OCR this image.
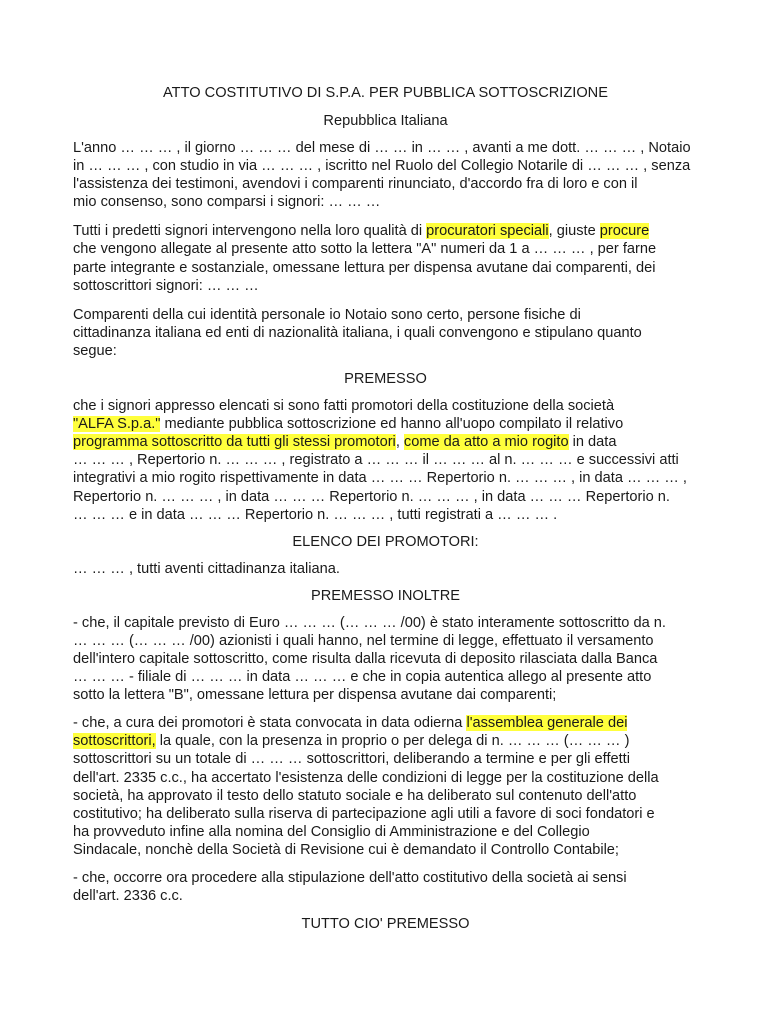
ATTO COSTITUTIVO DI S.P.A. PER PUBBLICA SOTTOSCRIZIONE
Repubblica Italiana
L'anno … … … , il giorno … … … del mese di … … in … … , avanti a me dott. … … … , Notaio
in … … … , con studio in via … … … , iscritto nel Ruolo del Collegio Notarile di … … … , senza
l'assistenza dei testimoni, avendovi i comparenti rinunciato, d'accordo fra di loro e con il
mio consenso, sono comparsi i signori: … … …
Tutti i predetti signori intervengono nella loro qualità di procuratori speciali, giuste procure
che vengono allegate al presente atto sotto la lettera "A" numeri da 1 a … … … , per farne
parte integrante e sostanziale, omessane lettura per dispensa avutane dai comparenti, dei
sottoscrittori signori: … … …
Comparenti della cui identità personale io Notaio sono certo, persone fisiche di
cittadinanza italiana ed enti di nazionalità italiana, i quali convengono e stipulano quanto
segue:
PREMESSO
che i signori appresso elencati si sono fatti promotori della costituzione della società
"ALFA S.p.a." mediante pubblica sottoscrizione ed hanno all'uopo compilato il relativo
programma sottoscritto da tutti gli stessi promotori, come da atto a mio rogito in data
… … … , Repertorio n. … … … , registrato a … … … il … … … al n. … … … e successivi atti
integrativi a mio rogito rispettivamente in data … … … Repertorio n. … … … , in data … … … ,
Repertorio n. … … … , in data … … … Repertorio n. … … … , in data … … … Repertorio n.
… … … e in data … … … Repertorio n. … … … , tutti registrati a … … … .
ELENCO DEI PROMOTORI:
… … … , tutti aventi cittadinanza italiana.
PREMESSO INOLTRE
- che, il capitale previsto di Euro … … … (… … … /00) è stato interamente sottoscritto da n.
… … … (… … … /00) azionisti i quali hanno, nel termine di legge, effettuato il versamento
dell'intero capitale sottoscritto, come risulta dalla ricevuta di deposito rilasciata dalla Banca
… … … - filiale di … … … in data … … … e che in copia autentica allego al presente atto
sotto la lettera "B", omessane lettura per dispensa avutane dai comparenti;
- che, a cura dei promotori è stata convocata in data odierna l'assemblea generale dei
sottoscrittori, la quale, con la presenza in proprio o per delega di n. … … … (… … … )
sottoscrittori su un totale di … … … sottoscrittori, deliberando a termine e per gli effetti
dell'art. 2335 c.c., ha accertato l'esistenza delle condizioni di legge per la costituzione della
società, ha approvato il testo dello statuto sociale e ha deliberato sul contenuto dell'atto
costitutivo; ha deliberato sulla riserva di partecipazione agli utili a favore di soci fondatori e
ha provveduto infine alla nomina del Consiglio di Amministrazione e del Collegio
Sindacale, nonchè della Società di Revisione cui è demandato il Controllo Contabile;
- che, occorre ora procedere alla stipulazione dell'atto costitutivo della società ai sensi
dell'art. 2336 c.c.
TUTTO CIO' PREMESSO
